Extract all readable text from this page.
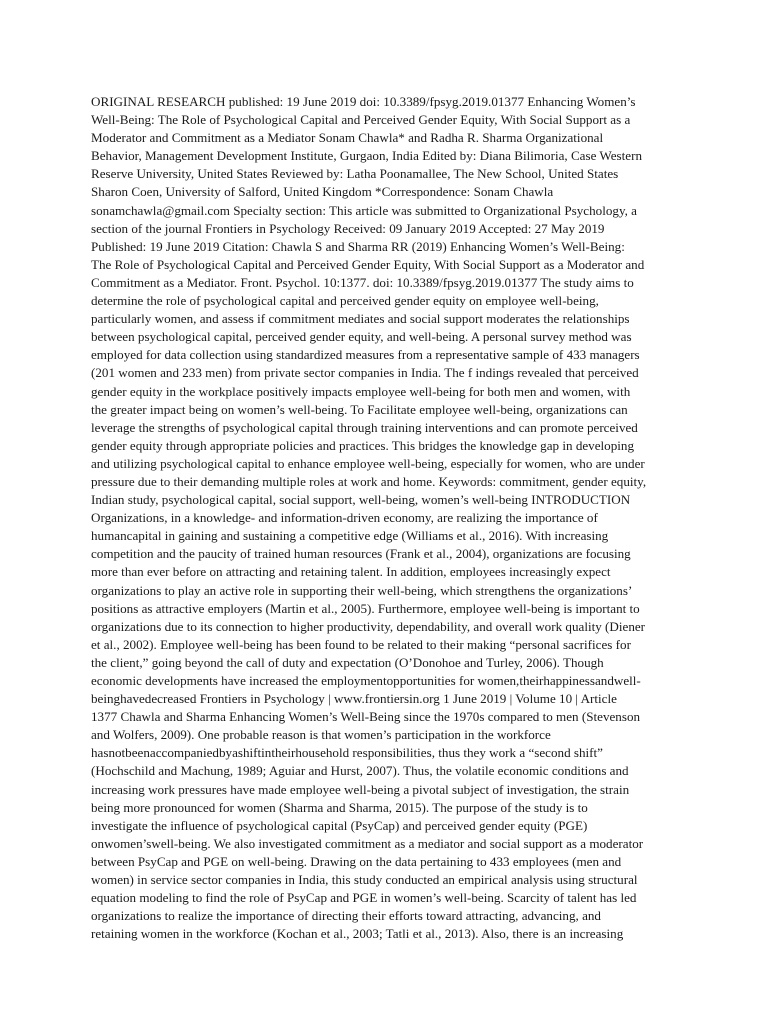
ORIGINAL RESEARCH published: 19 June 2019 doi: 10.3389/fpsyg.2019.01377 Enhancing Women’s
Well-Being: The Role of Psychological Capital and Perceived Gender Equity, With Social Support as a
Moderator and Commitment as a Mediator Sonam Chawla* and Radha R. Sharma Organizational
Behavior, Management Development Institute, Gurgaon, India Edited by: Diana Bilimoria, Case Western
Reserve University, United States Reviewed by: Latha Poonamallee, The New School, United States
Sharon Coen, University of Salford, United Kingdom *Correspondence: Sonam Chawla
sonamchawla@gmail.com Specialty section: This article was submitted to Organizational Psychology, a
section of the journal Frontiers in Psychology Received: 09 January 2019 Accepted: 27 May 2019
Published: 19 June 2019 Citation: Chawla S and Sharma RR (2019) Enhancing Women’s Well-Being:
The Role of Psychological Capital and Perceived Gender Equity, With Social Support as a Moderator and
Commitment as a Mediator. Front. Psychol. 10:1377. doi: 10.3389/fpsyg.2019.01377 The study aims to
determine the role of psychological capital and perceived gender equity on employee well-being,
particularly women, and assess if commitment mediates and social support moderates the relationships
between psychological capital, perceived gender equity, and well-being. A personal survey method was
employed for data collection using standardized measures from a representative sample of 433 managers
(201 women and 233 men) from private sector companies in India. The f indings revealed that perceived
gender equity in the workplace positively impacts employee well-being for both men and women, with
the greater impact being on women’s well-being. To Facilitate employee well-being, organizations can
leverage the strengths of psychological capital through training interventions and can promote perceived
gender equity through appropriate policies and practices. This bridges the knowledge gap in developing
and utilizing psychological capital to enhance employee well-being, especially for women, who are under
pressure due to their demanding multiple roles at work and home. Keywords: commitment, gender equity,
Indian study, psychological capital, social support, well-being, women’s well-being INTRODUCTION
Organizations, in a knowledge- and information-driven economy, are realizing the importance of
humancapital in gaining and sustaining a competitive edge (Williams et al., 2016). With increasing
competition and the paucity of trained human resources (Frank et al., 2004), organizations are focusing
more than ever before on attracting and retaining talent. In addition, employees increasingly expect
organizations to play an active role in supporting their well-being, which strengthens the organizations’
positions as attractive employers (Martin et al., 2005). Furthermore, employee well-being is important to
organizations due to its connection to higher productivity, dependability, and overall work quality (Diener
et al., 2002). Employee well-being has been found to be related to their making “personal sacrifices for
the client,” going beyond the call of duty and expectation (O’Donohoe and Turley, 2006). Though
economic developments have increased the employmentopportunities for women,theirhappinessandwell-
beinghavedecreased Frontiers in Psychology | www.frontiersin.org 1 June 2019 | Volume 10 | Article
1377 Chawla and Sharma Enhancing Women’s Well-Being since the 1970s compared to men (Stevenson
and Wolfers, 2009). One probable reason is that women’s participation in the workforce
hasnotbeenaccompaniedbyashiftintheirhousehold responsibilities, thus they work a “second shift”
(Hochschild and Machung, 1989; Aguiar and Hurst, 2007). Thus, the volatile economic conditions and
increasing work pressures have made employee well-being a pivotal subject of investigation, the strain
being more pronounced for women (Sharma and Sharma, 2015). The purpose of the study is to
investigate the influence of psychological capital (PsyCap) and perceived gender equity (PGE)
onwomen’swell-being. We also investigated commitment as a mediator and social support as a moderator
between PsyCap and PGE on well-being. Drawing on the data pertaining to 433 employees (men and
women) in service sector companies in India, this study conducted an empirical analysis using structural
equation modeling to find the role of PsyCap and PGE in women’s well-being. Scarcity of talent has led
organizations to realize the importance of directing their efforts toward attracting, advancing, and
retaining women in the workforce (Kochan et al., 2003; Tatli et al., 2013). Also, there is an increasing
